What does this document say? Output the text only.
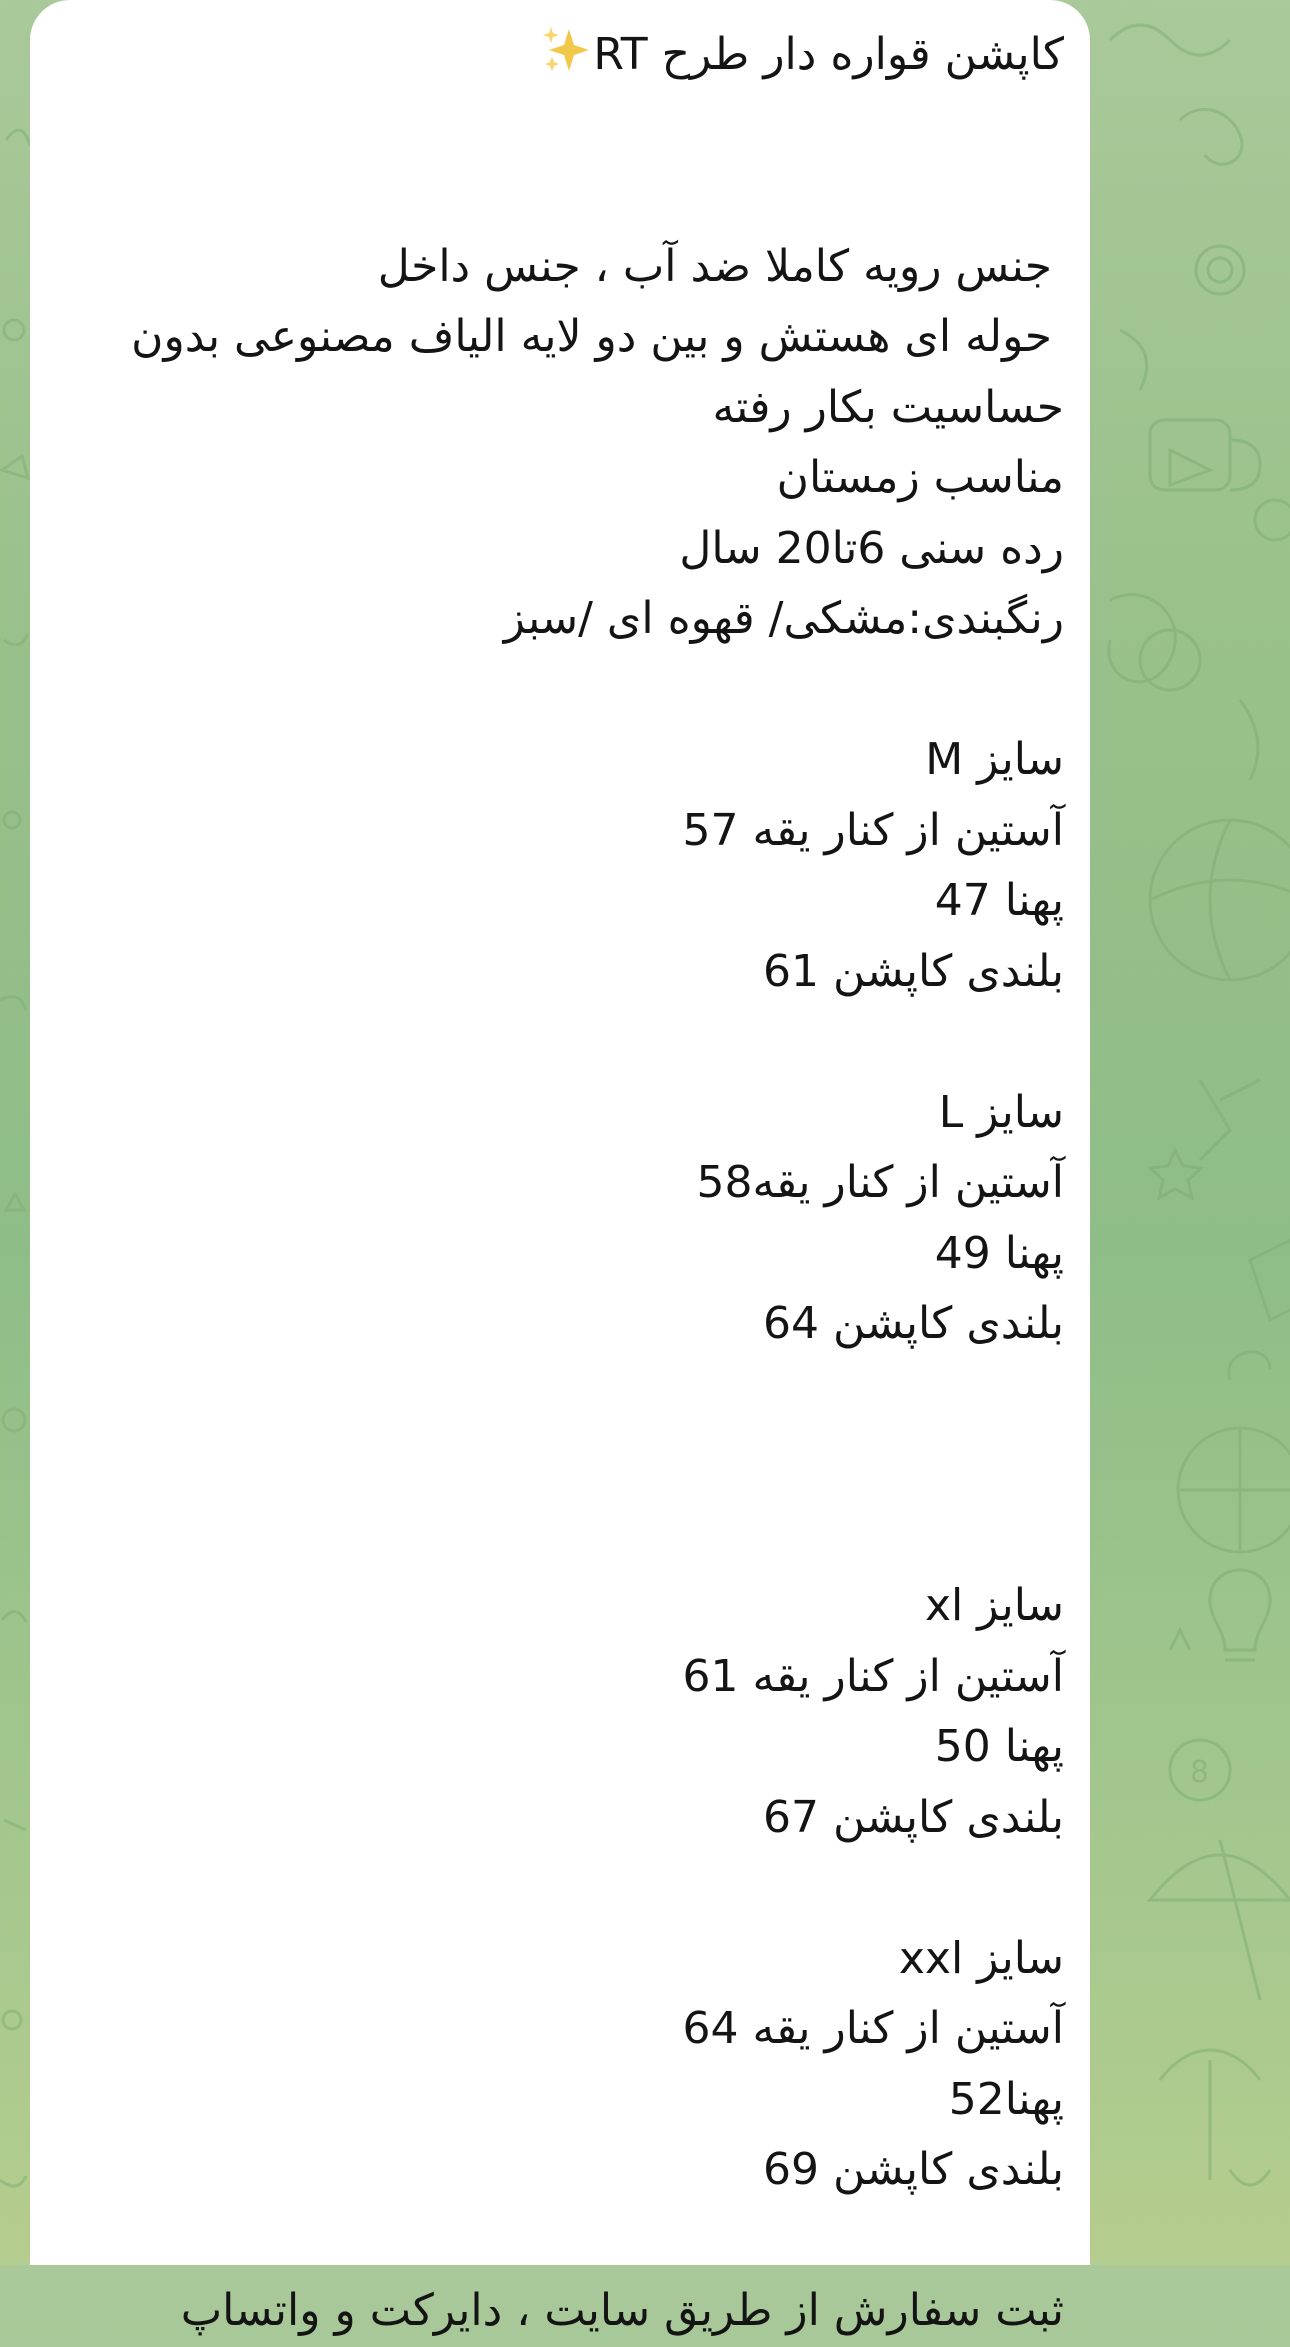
8
کاپشن قواره دار طرح RT
جنس رویه کاملا ضد آب ، جنس داخل
حوله ای هستش و بین دو لایه الیاف مصنوعی بدون
حساسیت بکار رفته
مناسب زمستان
رده سنی 6تا20 سال
رنگبندی:مشکی/ قهوه ای /سبز
سایز M
آستین از کنار یقه 57
پهنا 47
بلندی کاپشن 61
سایز L
آستین از کنار یقه58
پهنا 49
بلندی کاپشن 64
سایز xl
آستین از کنار یقه 61
پهنا 50
بلندی کاپشن 67
سایز xxl
آستین از کنار یقه 64
پهنا52
بلندی کاپشن 69
ثبت سفارش از طریق سایت ، دایرکت و واتساپ
